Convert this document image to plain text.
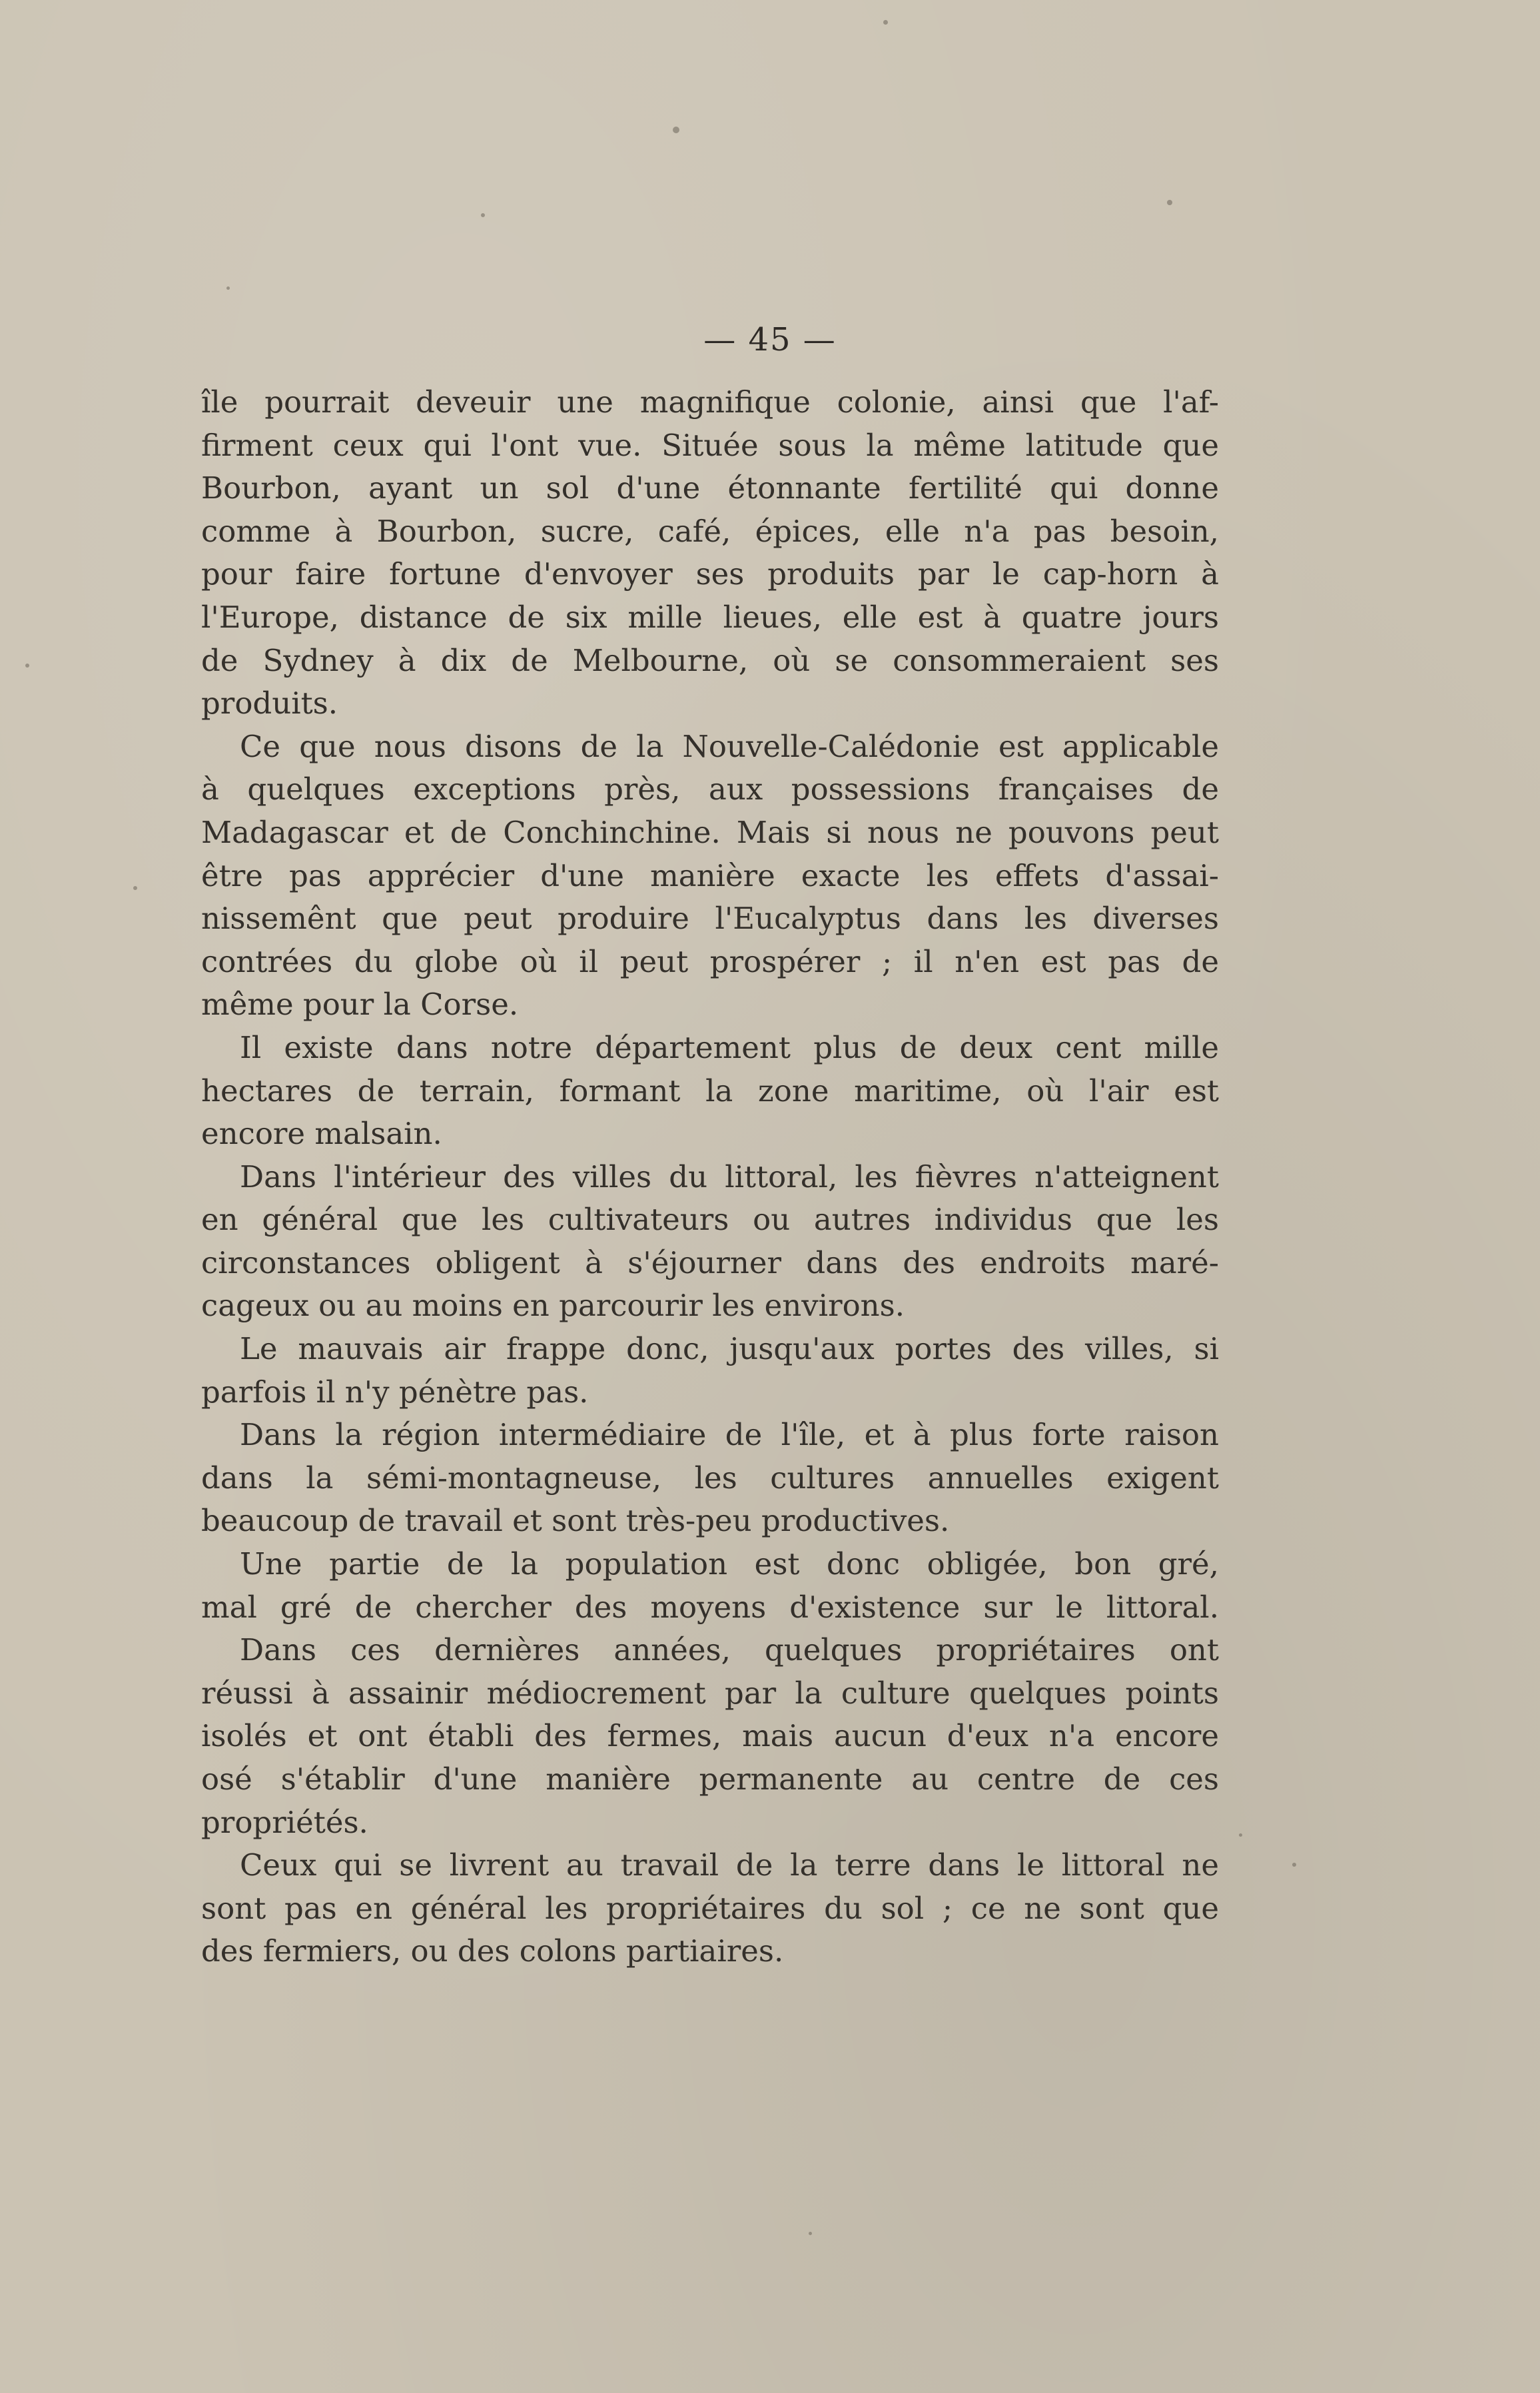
— 45 —
île pourrait deveuir une magnifique colonie, ainsi que l'af-
firment ceux qui l'ont vue. Située sous la même latitude que
Bourbon, ayant un sol d'une étonnante fertilité qui donne
comme à Bourbon, sucre, café, épices, elle n'a pas besoin,
pour faire fortune d'envoyer ses produits par le cap-horn à
l'Europe, distance de six mille lieues, elle est à quatre jours
de Sydney à dix de Melbourne, où se consommeraient ses
produits.
Ce que nous disons de la Nouvelle-Calédonie est applicable
à quelques exceptions près, aux possessions françaises de
Madagascar et de Conchinchine. Mais si nous ne pouvons peut
être pas apprécier d'une manière exacte les effets d'assai-
nissemênt que peut produire l'Eucalyptus dans les diverses
contrées du globe où il peut prospérer ; il n'en est pas de
même pour la Corse.
Il existe dans notre département plus de deux cent mille
hectares de terrain, formant la zone maritime, où l'air est
encore malsain.
Dans l'intérieur des villes du littoral, les fièvres n'atteignent
en général que les cultivateurs ou autres individus que les
circonstances obligent à s'éjourner dans des endroits maré-
cageux ou au moins en parcourir les environs.
Le mauvais air frappe donc, jusqu'aux portes des villes, si
parfois il n'y pénètre pas.
Dans la région intermédiaire de l'île, et à plus forte raison
dans la sémi-montagneuse, les cultures annuelles exigent
beaucoup de travail et sont très-peu productives.
Une partie de la population est donc obligée, bon gré,
mal gré de chercher des moyens d'existence sur le littoral.
Dans ces dernières années, quelques propriétaires ont
réussi à assainir médiocrement par la culture quelques points
isolés et ont établi des fermes, mais aucun d'eux n'a encore
osé s'établir d'une manière permanente au centre de ces
propriétés.
Ceux qui se livrent au travail de la terre dans le littoral ne
sont pas en général les propriétaires du sol ; ce ne sont que
des fermiers, ou des colons partiaires.
